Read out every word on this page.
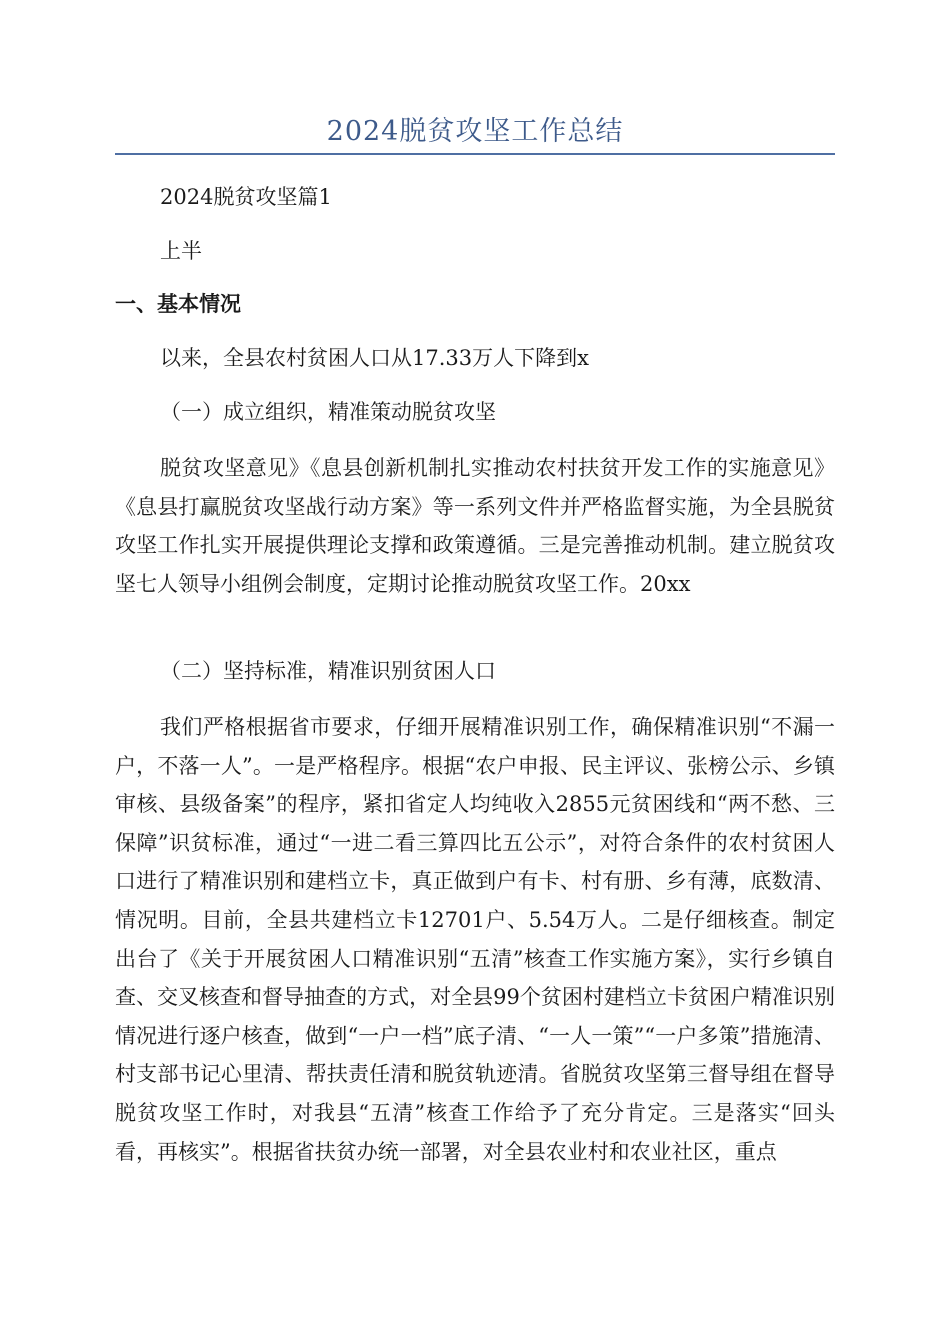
2024脱贫攻坚工作总结
2024脱贫攻坚篇1
上半
一、基本情况
以来，全县农村贫困人口从17.33万人下降到x
（一）成立组织，精准策动脱贫攻坚

脱贫攻坚意见》《息县创新机制扎实推动农村扶贫开发工作的实施意见》《息县打赢脱贫攻坚战行动方案》等一系列文件并严格监督实施，为全县脱贫攻坚工作扎实开展提供理论支撑和政策遵循。三是完善推动机制。建立脱贫攻坚七人领导小组例会制度，定期讨论推动脱贫攻坚工作。20xx

（二）坚持标准，精准识别贫困人口

我们严格根据省市要求，仔细开展精准识别工作，确保精准识别“不漏一户，不落一人”。一是严格程序。根据“农户申报、民主评议、张榜公示、乡镇审核、县级备案”的程序，紧扣省定人均纯收入2855元贫困线和“两不愁、三保障”识贫标准，通过“一进二看三算四比五公示”，对符合条件的农村贫困人口进行了精准识别和建档立卡，真正做到户有卡、村有册、乡有薄，底数清、情况明。目前，全县共建档立卡12701户、5.54万人。二是仔细核查。制定出台了《关于开展贫困人口精准识别“五清”核查工作实施方案》，实行乡镇自查、交叉核查和督导抽查的方式，对全县99个贫困村建档立卡贫困户精准识别情况进行逐户核查，做到“一户一档”底子清、“一人一策”“一户多策”措施清、村支部书记心里清、帮扶责任清和脱贫轨迹清。省脱贫攻坚第三督导组在督导脱贫攻坚工作时，对我县“五清”核查工作给予了充分肯定。三是落实“回头看，再核实”。根据省扶贫办统一部署，对全县农业村和农业社区，重点
